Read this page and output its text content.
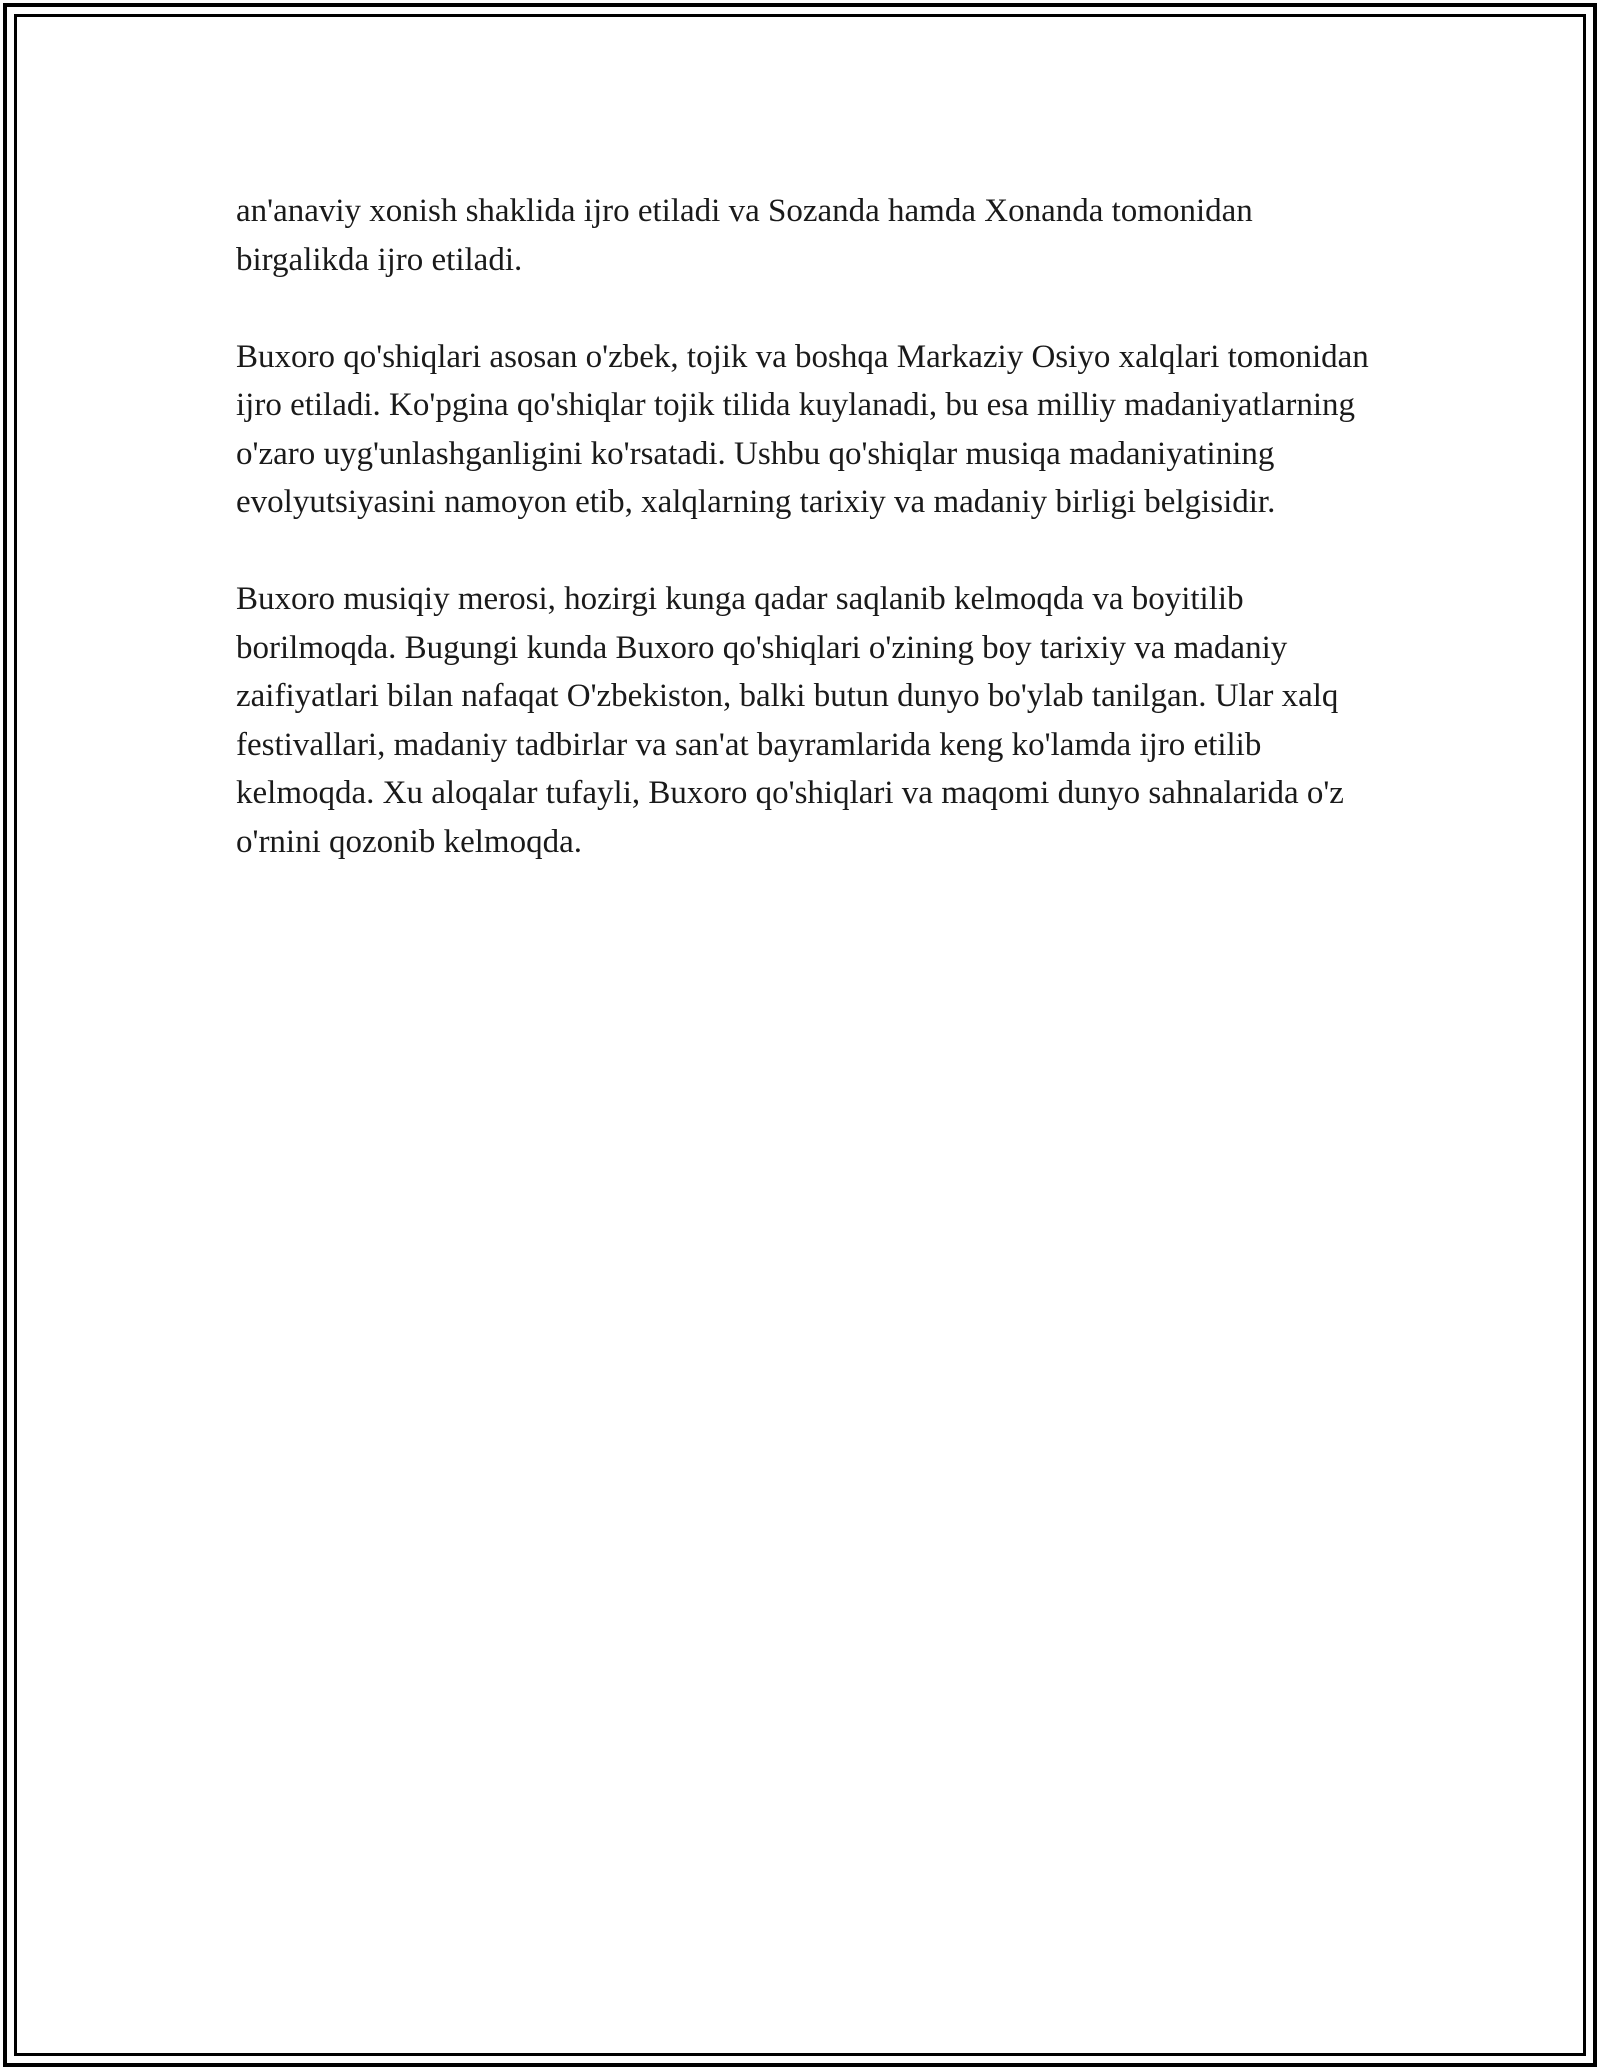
an'anaviy xonish shaklida ijro etiladi va Sozanda hamda Xonanda tomonidan birgalikda ijro etiladi.

Buxoro qo'shiqlari asosan o'zbek, tojik va boshqa Markaziy Osiyo xalqlari tomonidan ijro etiladi. Ko'pgina qo'shiqlar tojik tilida kuylanadi, bu esa milliy madaniyatlarning o'zaro uyg'unlashganligini ko'rsatadi. Ushbu qo'shiqlar musiqa madaniyatining evolyutsiyasini namoyon etib, xalqlarning tarixiy va madaniy birligi belgisidir.

Buxoro musiqiy merosi, hozirgi kunga qadar saqlanib kelmoqda va boyitilib borilmoqda. Bugungi kunda Buxoro qo'shiqlari o'zining boy tarixiy va madaniy zaifiyatlari bilan nafaqat O'zbekiston, balki butun dunyo bo'ylab tanilgan. Ular xalq festivallari, madaniy tadbirlar va san'at bayramlarida keng ko'lamda ijro etilib kelmoqda. Xu aloqalar tufayli, Buxoro qo'shiqlari va maqomi dunyo sahnalarida o'z o'rnini qozonib kelmoqda.
